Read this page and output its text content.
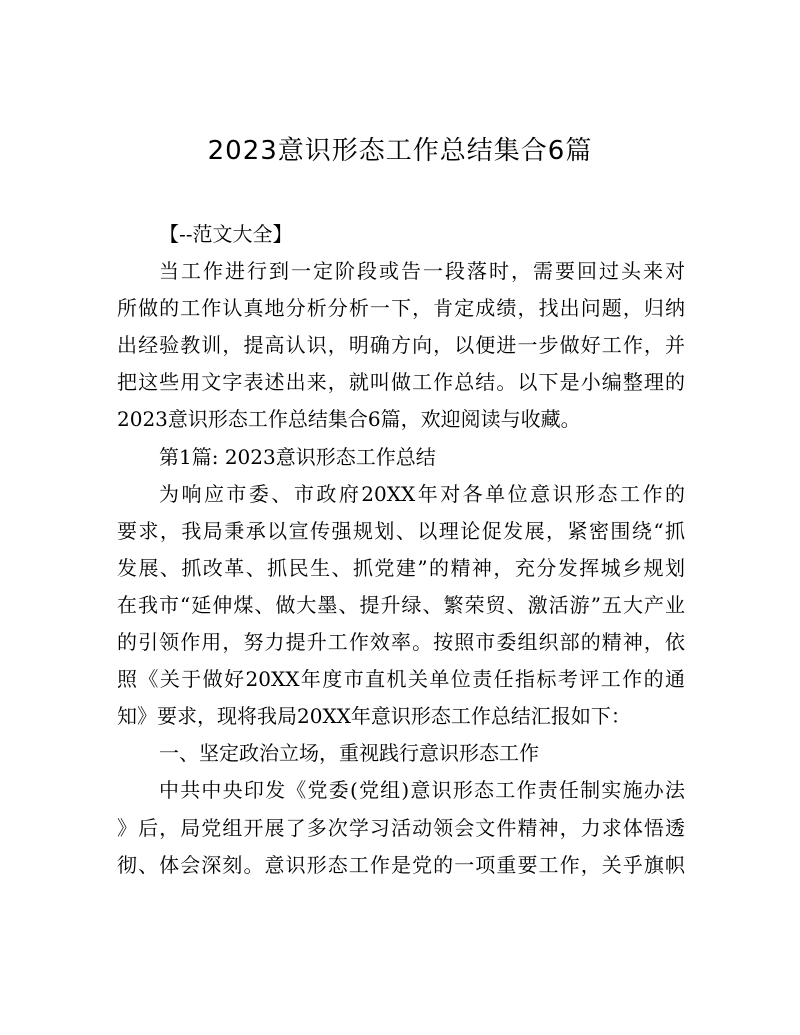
2023意识形态工作总结集合6篇
【--范文大全】
当工作进行到一定阶段或告一段落时，需要回过头来对
所做的工作认真地分析分析一下，肯定成绩，找出问题，归纳
出经验教训，提高认识，明确方向，以便进一步做好工作，并
把这些用文字表述出来，就叫做工作总结。以下是小编整理的
2023意识形态工作总结集合6篇，欢迎阅读与收藏。
第1篇: 2023意识形态工作总结
为响应市委、市政府20XX年对各单位意识形态工作的
要求，我局秉承以宣传强规划、以理论促发展，紧密围绕“抓
发展、抓改革、抓民生、抓党建”的精神，充分发挥城乡规划
在我市“延伸煤、做大墨、提升绿、繁荣贸、激活游”五大产业
的引领作用，努力提升工作效率。按照市委组织部的精神，依
照《关于做好20XX年度市直机关单位责任指标考评工作的通
知》要求，现将我局20XX年意识形态工作总结汇报如下：
一、坚定政治立场，重视践行意识形态工作
中共中央印发《党委(党组)意识形态工作责任制实施办法
》后，局党组开展了多次学习活动领会文件精神，力求体悟透
彻、体会深刻。意识形态工作是党的一项重要工作，关乎旗帜
